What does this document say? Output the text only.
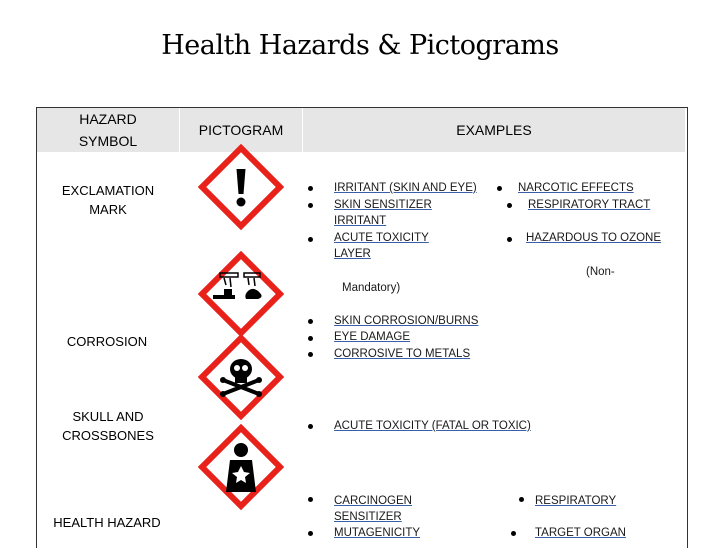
Health Hazards & Pictograms
HAZARD SYMBOL
PICTOGRAM	EXAMPLES
EXCLAMATION MARK
CORROSION
SKULL AND CROSSBONES
HEALTH HAZARD
IRRITANT (SKIN AND EYE)
SKIN SENSITIZER
IRRITANT
ACUTE TOXICITY
LAYER
NARCOTIC EFFECTS
RESPIRATORY TRACT
HAZARDOUS TO OZONE
(Non-
Mandatory)
SKIN CORROSION/BURNS
EYE DAMAGE
CORROSIVE TO METALS
ACUTE TOXICITY (FATAL OR TOXIC)
CARCINOGEN
SENSITIZER
MUTAGENICITY
RESPIRATORY
TARGET ORGAN
